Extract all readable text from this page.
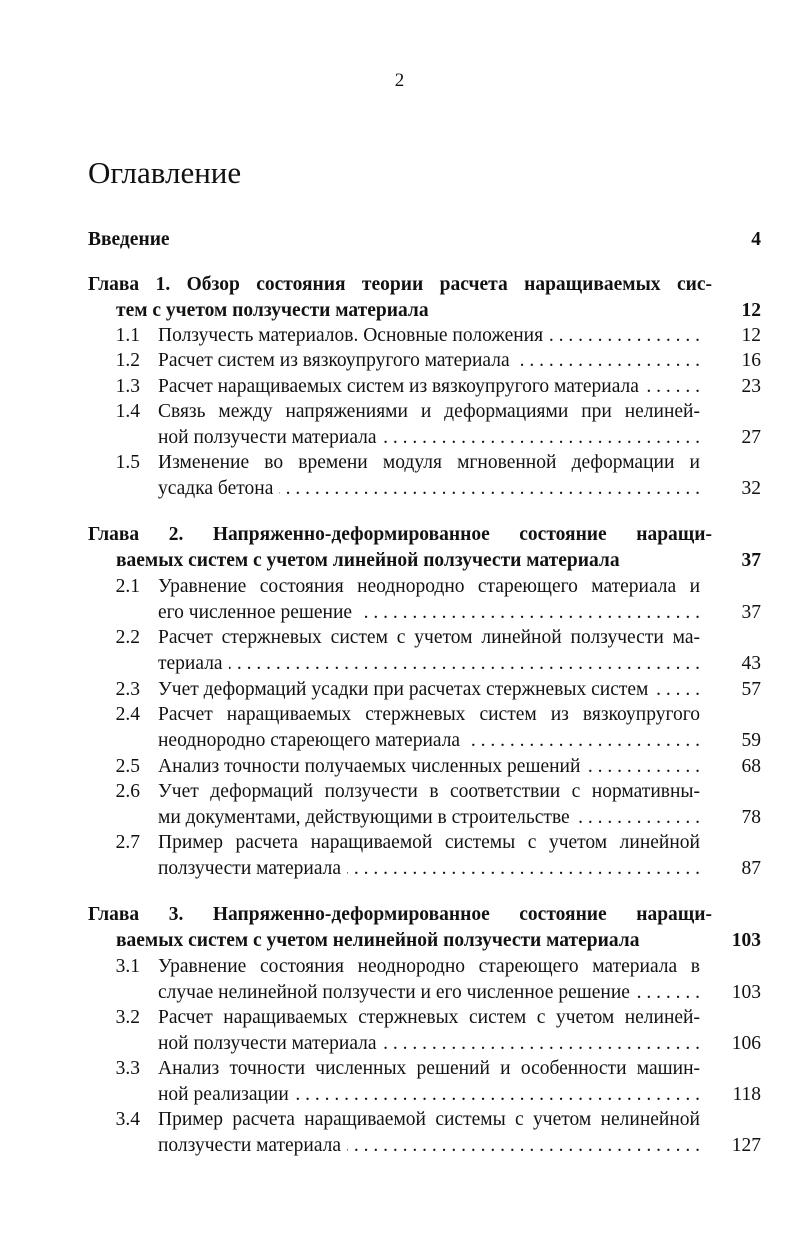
2
Оглавление
Введение	4
Глава 1. Обзор состояния теории расчета наращиваемых сис-
тем с учетом ползучести материала	12
1.1 Ползучесть материалов. Основные положения . . .	12
1.2 Расчет систем из вязкоупругого материала . . .	16
1.3 Расчет наращиваемых систем из вязкоупругого материала . . .	23
1.4 Связь между напряжениями и деформациями при нелиней-
ной ползучести материала . . .	27
1.5 Изменение во времени модуля мгновенной деформации и
усадка бетона . . .	32
Глава 2. Напряженно-деформированное состояние наращи-
ваемых систем с учетом линейной ползучести материала	37
2.1 Уравнение состояния неоднородно стареющего материала и
его численное решение . . .	37
2.2 Расчет стержневых систем с учетом линейной ползучести ма-
териала . . .	43
2.3 Учет деформаций усадки при расчетах стержневых систем . . .	57
2.4 Расчет наращиваемых стержневых систем из вязкоупругого
неоднородно стареющего материала . . .	59
2.5 Анализ точности получаемых численных решений . . .	68
2.6 Учет деформаций ползучести в соответствии с нормативны-
ми документами, действующими в строительстве . . .	78
2.7 Пример расчета наращиваемой системы с учетом линейной
ползучести материала . . .	87
Глава 3. Напряженно-деформированное состояние наращи-
ваемых систем с учетом нелинейной ползучести материала	103
3.1 Уравнение состояния неоднородно стареющего материала в
случае нелинейной ползучести и его численное решение . . .	103
3.2 Расчет наращиваемых стержневых систем с учетом нелиней-
ной ползучести материала . . .	106
3.3 Анализ точности численных решений и особенности машин-
ной реализации . . .	118
3.4 Пример расчета наращиваемой системы с учетом нелинейной
ползучести материала . . .	127
